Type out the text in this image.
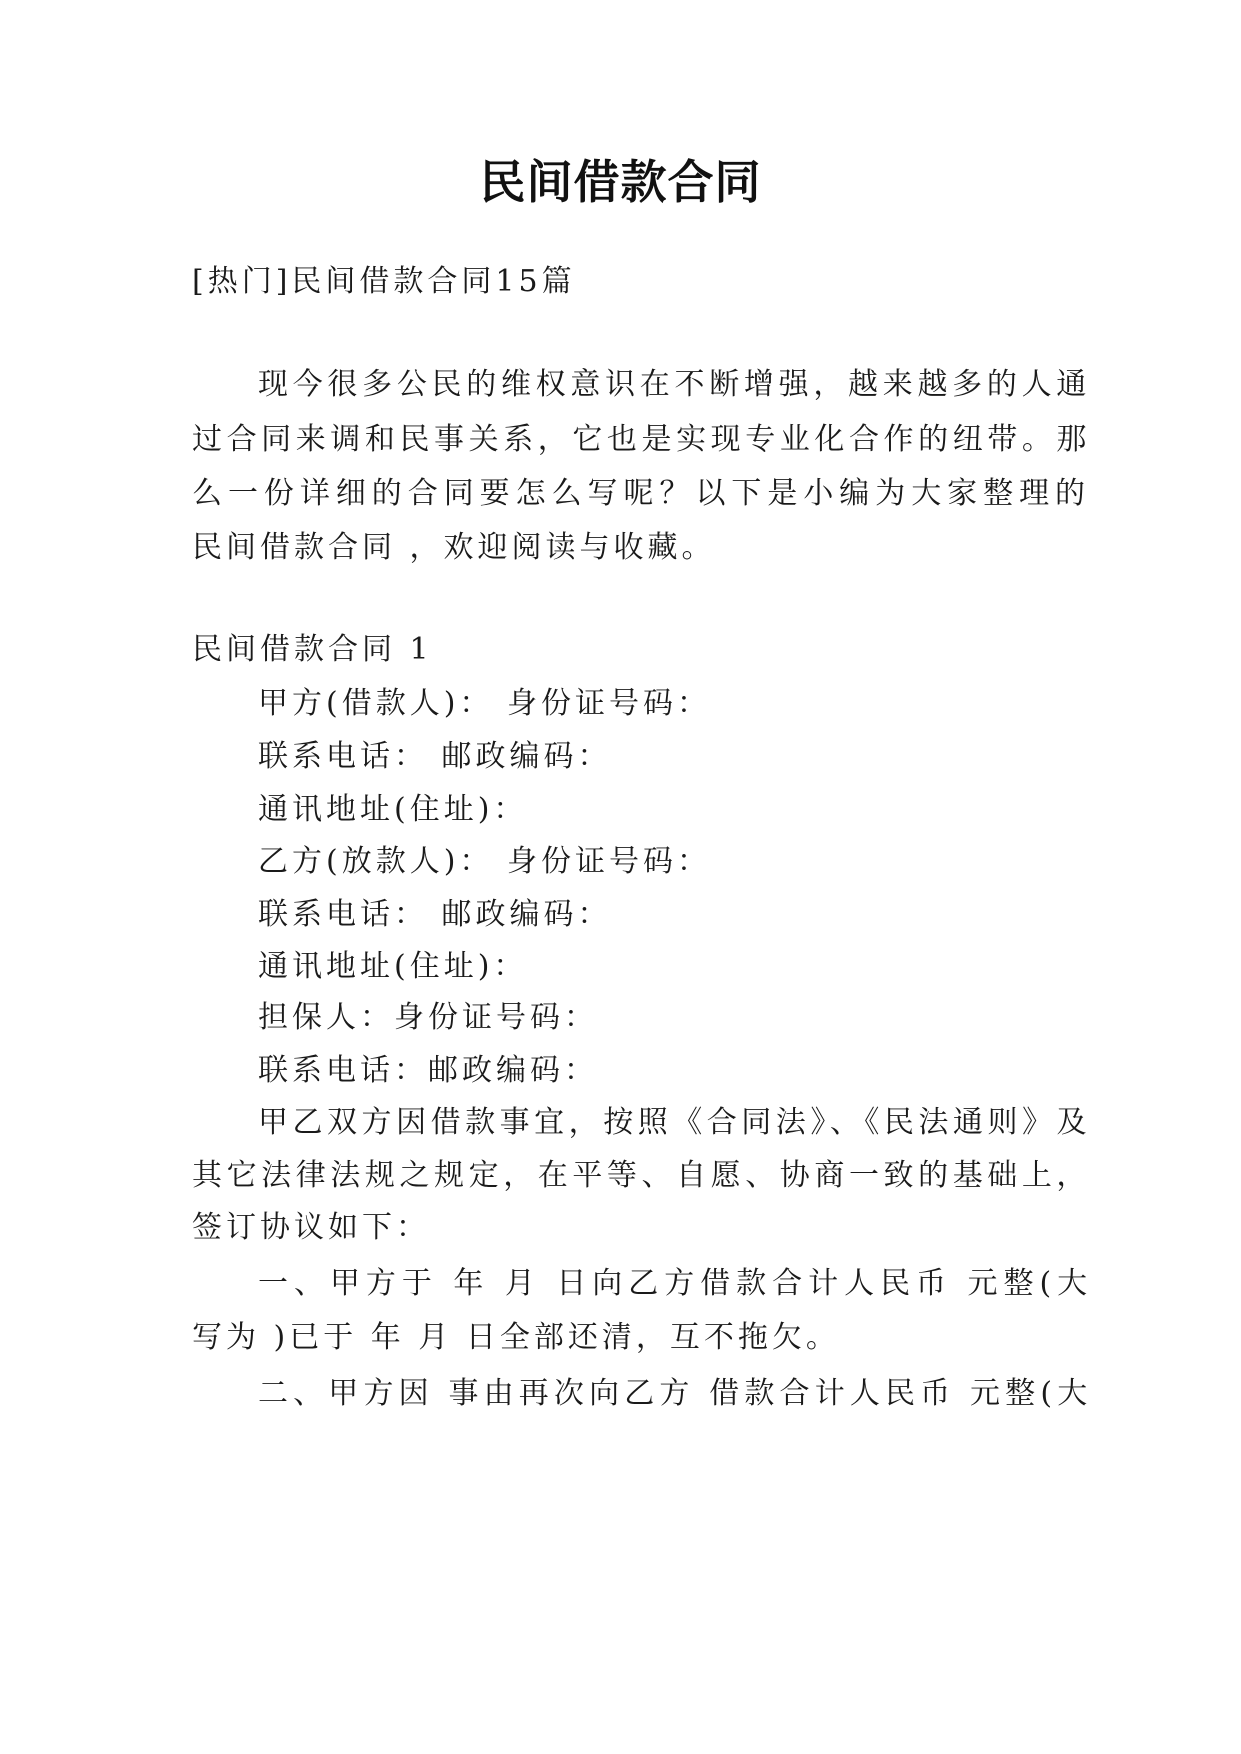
民间借款合同
[热门]民间借款合同15篇
现今很多公民的维权意识在不断增强，越来越多的人通
过合同来调和民事关系，它也是实现专业化合作的纽带。那
么一份详细的合同要怎么写呢？以下是小编为大家整理的
民间借款合同 ，欢迎阅读与收藏。
民间借款合同 1
甲方(借款人)： 身份证号码：
联系电话： 邮政编码：
通讯地址(住址)：
乙方(放款人)： 身份证号码：
联系电话： 邮政编码：
通讯地址(住址)：
担保人：身份证号码：
联系电话：邮政编码：
甲乙双方因借款事宜，按照《合同法》、《民法通则》及
其它法律法规之规定，在平等、自愿、协商一致的基础上，
签订协议如下：
一、甲方于 年 月 日向乙方借款合计人民币 元整(大
写为 )已于 年 月 日全部还清，互不拖欠。
二、甲方因 事由再次向乙方 借款合计人民币 元整(大
